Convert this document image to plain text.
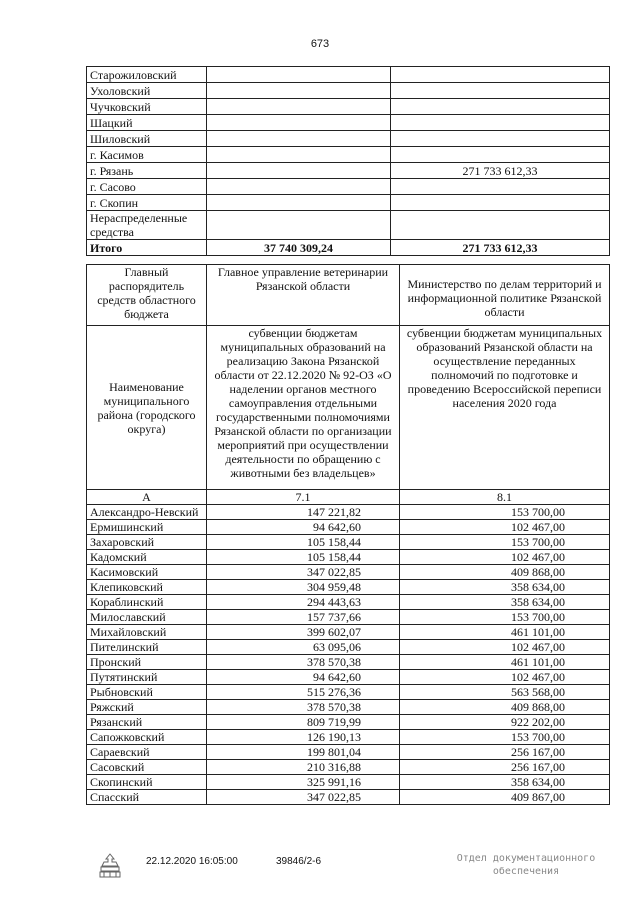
673
Старожиловский		
Ухоловский		
Чучковский		
Шацкий		
Шиловский		
г. Касимов		
г. Рязань		271 733 612,33
г. Сасово		
г. Скопин		
Нераспределенные средства		
Итого	37 740 309,24	271 733 612,33
Главный распорядитель средств областного бюджета	Главное управление ветеринарии Рязанской области	Министерство по делам территорий и информационной политике Рязанской области
Наименование муниципального района (городского округа)	субвенции бюджетам муниципальных образований на реализацию Закона Рязанской области от 22.12.2020 № 92-ОЗ «О наделении органов местного самоуправления отдельными государственными полномочиями Рязанской области по организации мероприятий при осуществлении деятельности по обращению с животными без владельцев»	субвенции бюджетам муниципальных образований Рязанской области на осуществление переданных полномочий по подготовке и проведению Всероссийской переписи населения 2020 года
А	7.1	8.1
Александро-Невский	147 221,82	153 700,00
Ермишинский	94 642,60	102 467,00
Захаровский	105 158,44	153 700,00
Кадомский	105 158,44	102 467,00
Касимовский	347 022,85	409 868,00
Клепиковский	304 959,48	358 634,00
Кораблинский	294 443,63	358 634,00
Милославский	157 737,66	153 700,00
Михайловский	399 602,07	461 101,00
Пителинский	63 095,06	102 467,00
Пронский	378 570,38	461 101,00
Путятинский	94 642,60	102 467,00
Рыбновский	515 276,36	563 568,00
Ряжский	378 570,38	409 868,00
Рязанский	809 719,99	922 202,00
Сапожковский	126 190,13	153 700,00
Сараевский	199 801,04	256 167,00
Сасовский	210 316,88	256 167,00
Скопинский	325 991,16	358 634,00
Спасский	347 022,85	409 867,00
22.12.2020 16:05:00	39846/2-6	Отдел документационного
обеспечения
